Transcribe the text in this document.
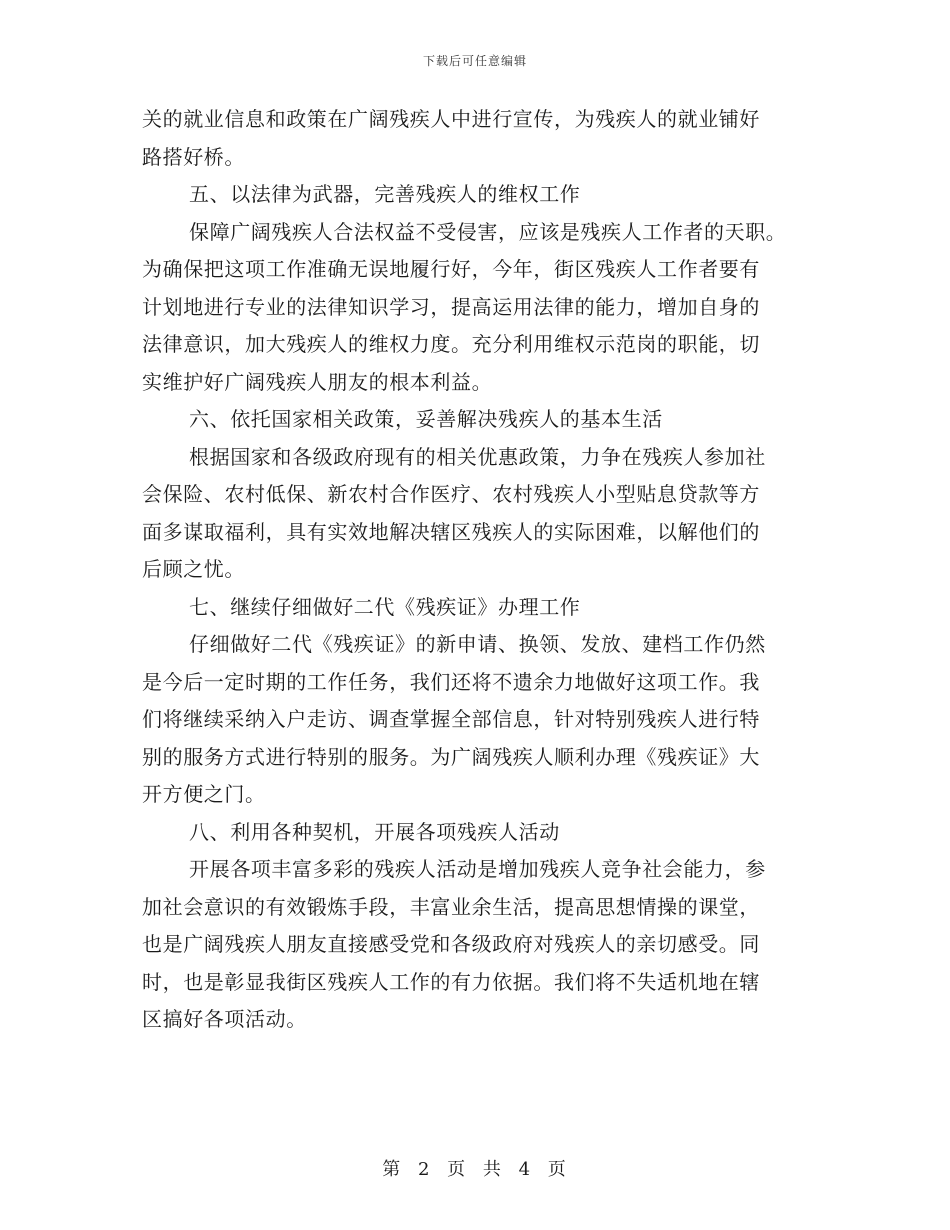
下载后可任意编辑
关的就业信息和政策在广阔残疾人中进行宣传，为残疾人的就业铺好
路搭好桥。
五、以法律为武器，完善残疾人的维权工作
保障广阔残疾人合法权益不受侵害，应该是残疾人工作者的天职。
为确保把这项工作准确无误地履行好，今年，街区残疾人工作者要有
计划地进行专业的法律知识学习，提高运用法律的能力，增加自身的
法律意识，加大残疾人的维权力度。充分利用维权示范岗的职能，切
实维护好广阔残疾人朋友的根本利益。
六、依托国家相关政策，妥善解决残疾人的基本生活
根据国家和各级政府现有的相关优惠政策，力争在残疾人参加社
会保险、农村低保、新农村合作医疗、农村残疾人小型贴息贷款等方
面多谋取福利，具有实效地解决辖区残疾人的实际困难，以解他们的
后顾之忧。
七、继续仔细做好二代《残疾证》办理工作
仔细做好二代《残疾证》的新申请、换领、发放、建档工作仍然
是今后一定时期的工作任务，我们还将不遗余力地做好这项工作。我
们将继续采纳入户走访、调查掌握全部信息，针对特别残疾人进行特
别的服务方式进行特别的服务。为广阔残疾人顺利办理《残疾证》大
开方便之门。
八、利用各种契机，开展各项残疾人活动
开展各项丰富多彩的残疾人活动是增加残疾人竞争社会能力，参
加社会意识的有效锻炼手段，丰富业余生活，提高思想情操的课堂，
也是广阔残疾人朋友直接感受党和各级政府对残疾人的亲切感受。同
时，也是彰显我街区残疾人工作的有力依据。我们将不失适机地在辖
区搞好各项活动。
第 2 页 共 4 页
